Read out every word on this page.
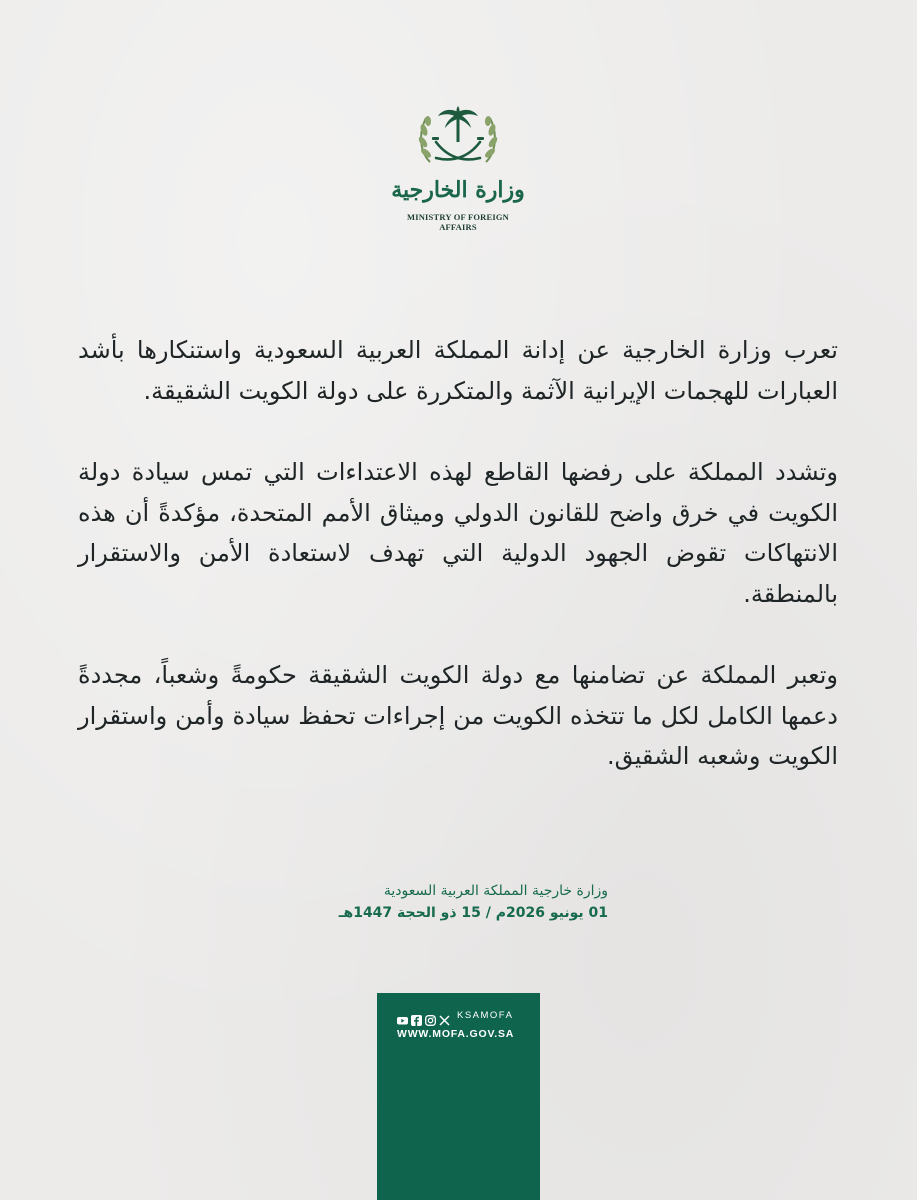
وزارة الخارجية
MINISTRY OF FOREIGN AFFAIRS

تعرب وزارة الخارجية عن إدانة المملكة العربية السعودية واستنكارها بأشد العبارات للهجمات الإيرانية الآثمة والمتكررة على دولة الكويت الشقيقة.

وتشدد المملكة على رفضها القاطع لهذه الاعتداءات التي تمس سيادة دولة الكويت في خرق واضح للقانون الدولي وميثاق الأمم المتحدة، مؤكدةً أن هذه الانتهاكات تقوض الجهود الدولية التي تهدف لاستعادة الأمن والاستقرار بالمنطقة.

وتعبر المملكة عن تضامنها مع دولة الكويت الشقيقة حكومةً وشعباً، مجددةً دعمها الكامل لكل ما تتخذه الكويت من إجراءات تحفظ سيادة وأمن واستقرار الكويت وشعبه الشقيق.

وزارة خارجية المملكة العربية السعودية
01 يونيو 2026م / 15 ذو الحجة 1447هـ
KSAMOFA
WWW.MOFA.GOV.SA
